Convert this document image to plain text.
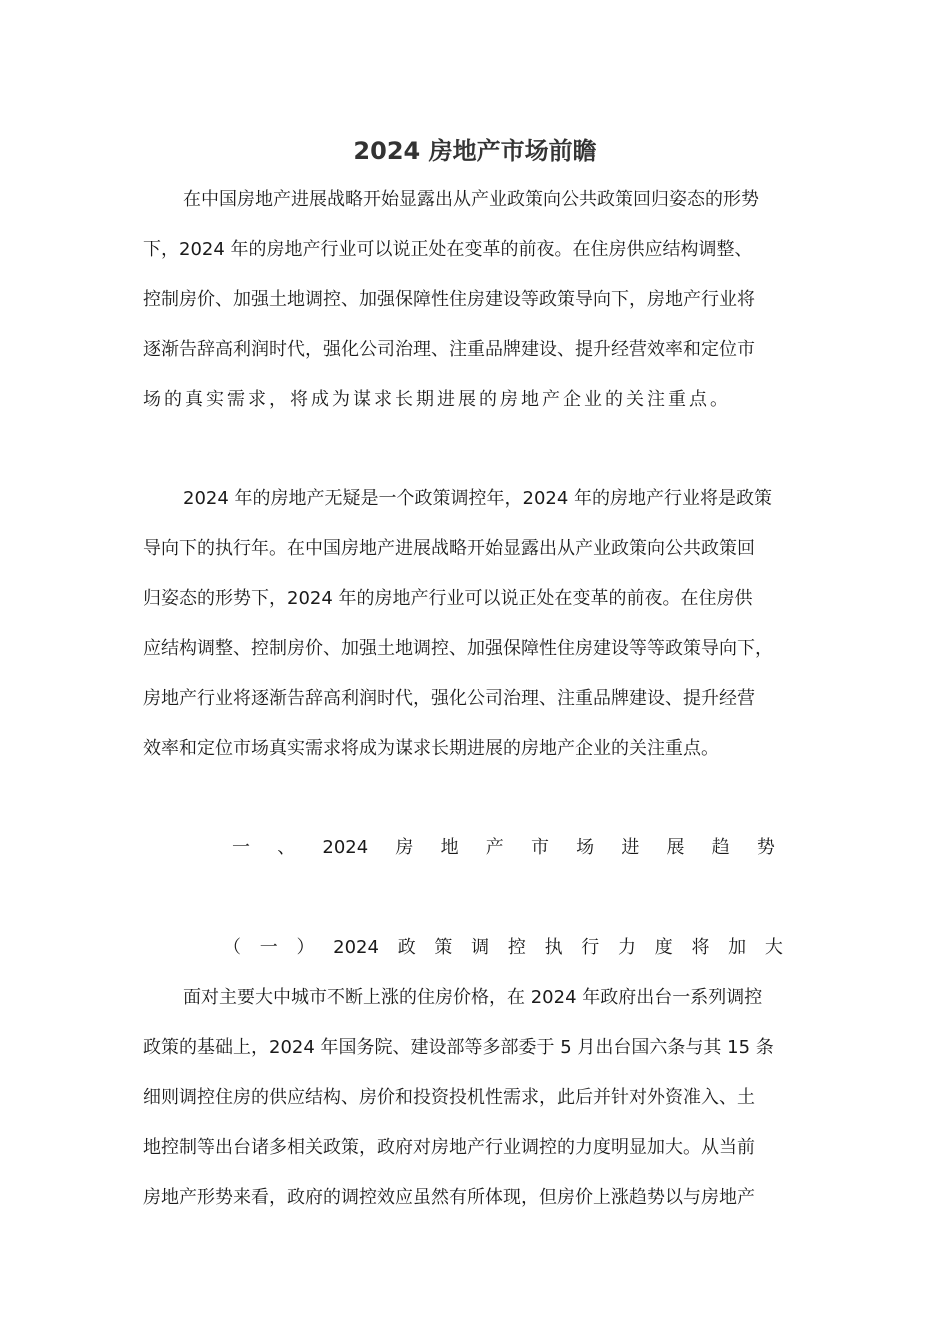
2024 房地产市场前瞻
在中国房地产进展战略开始显露出从产业政策向公共政策回归姿态的形势
下，2024 年的房地产行业可以说正处在变革的前夜。在住房供应结构调整、
控制房价、加强土地调控、加强保障性住房建设等政策导向下，房地产行业将
逐渐告辞高利润时代，强化公司治理、注重品牌建设、提升经营效率和定位市
场的真实需求，将成为谋求长期进展的房地产企业的关注重点。
2024 年的房地产无疑是一个政策调控年，2024 年的房地产行业将是政策
导向下的执行年。在中国房地产进展战略开始显露出从产业政策向公共政策回
归姿态的形势下，2024 年的房地产行业可以说正处在变革的前夜。在住房供
应结构调整、控制房价、加强土地调控、加强保障性住房建设等等政策导向下，
房地产行业将逐渐告辞高利润时代，强化公司治理、注重品牌建设、提升经营
效率和定位市场真实需求将成为谋求长期进展的房地产企业的关注重点。
一 、 2024 房 地 产 市 场 进 展 趋 势
（ 一 ） 2024 政 策 调 控 执 行 力 度 将 加 大
面对主要大中城市不断上涨的住房价格，在 2024 年政府出台一系列调控
政策的基础上，2024 年国务院、建设部等多部委于 5 月出台国六条与其 15 条
细则调控住房的供应结构、房价和投资投机性需求，此后并针对外资准入、土
地控制等出台诸多相关政策，政府对房地产行业调控的力度明显加大。从当前
房地产形势来看，政府的调控效应虽然有所体现，但房价上涨趋势以与房地产
